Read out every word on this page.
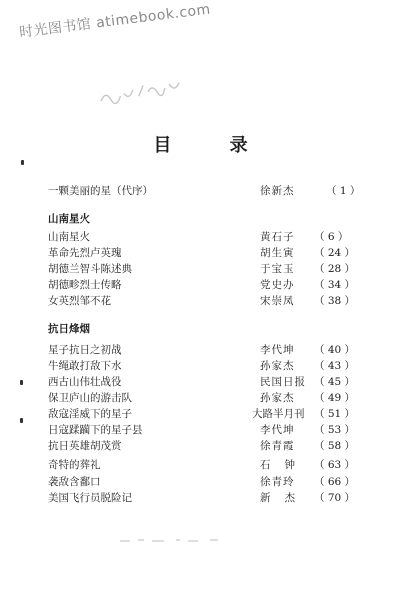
时光图书馆 atimebook.com
目 录
一颗美丽的星（代序）	徐新杰	（ 1 ）
山南星火
山南星火	黄石子	（ 6 ）
革命先烈卢英瑰	胡生寅	（ 24 ）
胡德兰智斗陈述典	于宝玉	（ 28 ）
胡德畛烈士传略	党史办	（ 34 ）
女英烈邹不花	宋崇凤	（ 38 ）
抗日烽烟
星子抗日之初战	李代坤	（ 40 ）
牛绳敢打敌下水	孙家杰	（ 43 ）
西古山伟壮战役	民国日报 （ 45 ）
保卫庐山的游击队	孙家杰	（ 49 ）
敌寇淫威下的星子	大路半月刊 （ 51 ）
日寇蹂躏下的星子县	李代坤	（ 53 ）
抗日英雄胡茂赏	徐青霞	（ 58 ）
奇特的葬礼	石钟 （ 63 ）
袭敌含鄱口	徐青玲	（ 66 ）
美国飞行员脱险记	新杰 （ 70 ）
